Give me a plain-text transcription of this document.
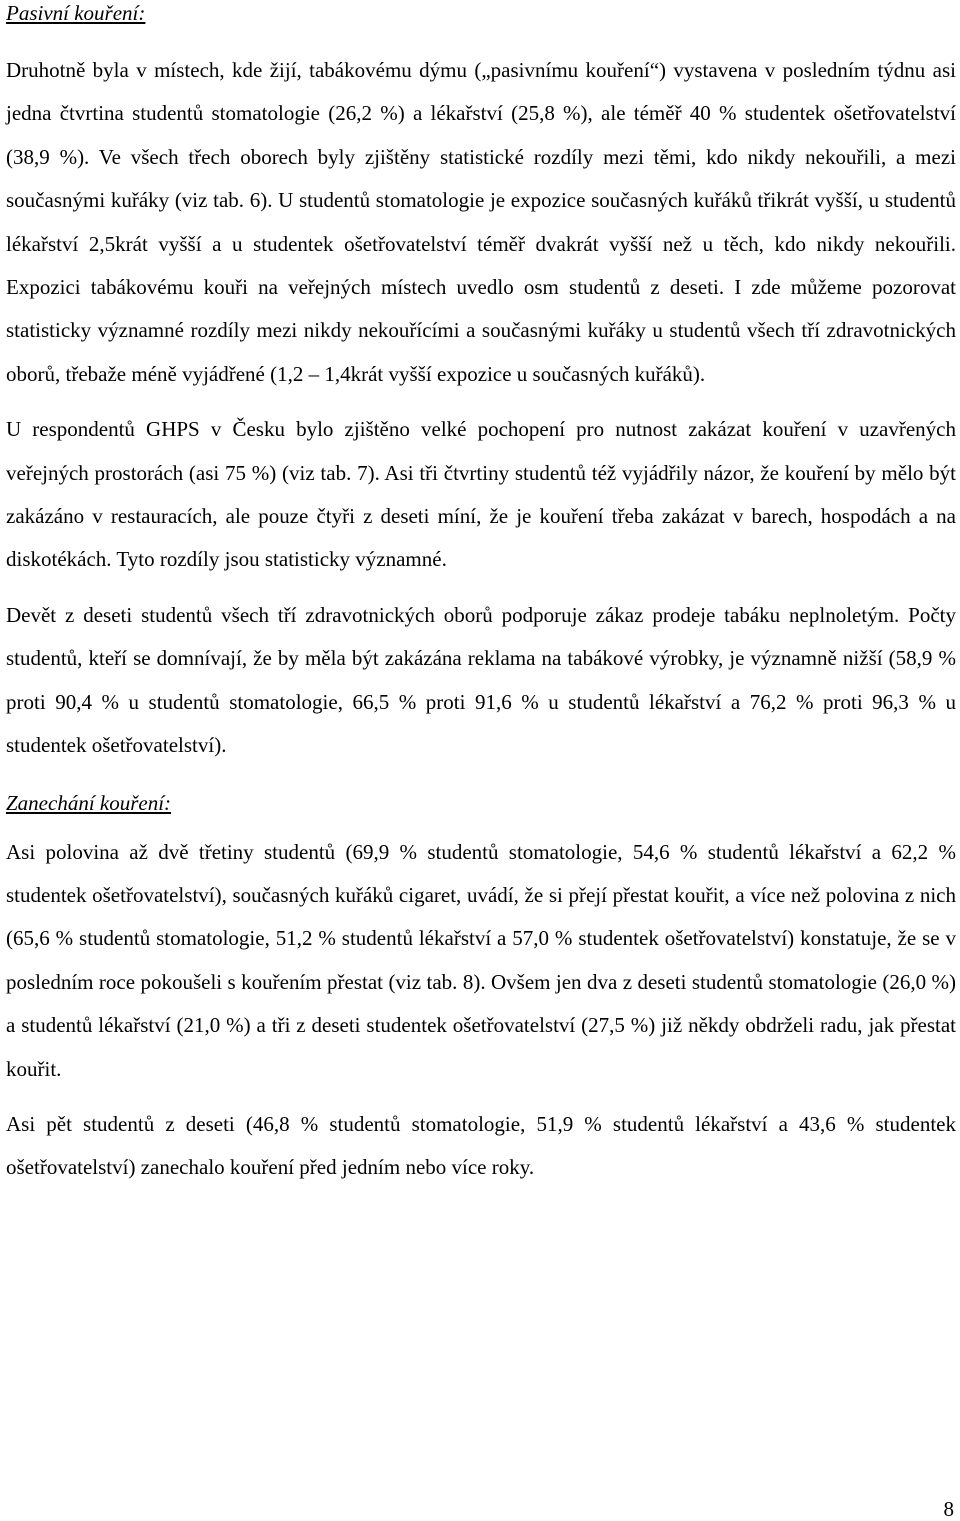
Pasivní kouření:

Druhotně byla v místech, kde žijí, tabákovému dýmu („pasivnímu kouření“) vystavena v posledním týdnu asi jedna čtvrtina studentů stomatologie (26,2 %) a lékařství (25,8 %), ale téměř 40 % studentek ošetřovatelství (38,9 %). Ve všech třech oborech byly zjištěny statistické rozdíly mezi těmi, kdo nikdy nekouřili, a mezi současnými kuřáky (viz tab. 6). U studentů stomatologie je expozice současných kuřáků třikrát vyšší, u studentů lékařství 2,5krát vyšší a u studentek ošetřovatelství téměř dvakrát vyšší než u těch, kdo nikdy nekouřili. Expozici tabákovému kouři na veřejných místech uvedlo osm studentů z deseti. I zde můžeme pozorovat statisticky významné rozdíly mezi nikdy nekouřícími a současnými kuřáky u studentů všech tří zdravotnických oborů, třebaže méně vyjádřené (1,2 – 1,4krát vyšší expozice u současných kuřáků).

U respondentů GHPS v Česku bylo zjištěno velké pochopení pro nutnost zakázat kouření v uzavřených veřejných prostorách (asi 75 %) (viz tab. 7). Asi tři čtvrtiny studentů též vyjádřily názor, že kouření by mělo být zakázáno v restauracích, ale pouze čtyři z deseti míní, že je kouření třeba zakázat v barech, hospodách a na diskotékách. Tyto rozdíly jsou statisticky významné.

Devět z deseti studentů všech tří zdravotnických oborů podporuje zákaz prodeje tabáku neplnoletým. Počty studentů, kteří se domnívají, že by měla být zakázána reklama na tabákové výrobky, je významně nižší (58,9 % proti 90,4 % u studentů stomatologie, 66,5 % proti 91,6 % u studentů lékařství a 76,2 % proti 96,3 % u studentek ošetřovatelství).

Zanechání kouření:

Asi polovina až dvě třetiny studentů (69,9 % studentů stomatologie, 54,6 % studentů lékařství a 62,2 % studentek ošetřovatelství), současných kuřáků cigaret, uvádí, že si přejí přestat kouřit, a více než polovina z nich (65,6 % studentů stomatologie, 51,2 % studentů lékařství a 57,0 % studentek ošetřovatelství) konstatuje, že se v posledním roce pokoušeli s kouřením přestat (viz tab. 8). Ovšem jen dva z deseti studentů stomatologie (26,0 %) a studentů lékařství (21,0 %) a tři z deseti studentek ošetřovatelství (27,5 %) již někdy obdrželi radu, jak přestat kouřit.

Asi pět studentů z deseti (46,8 % studentů stomatologie, 51,9 % studentů lékařství a 43,6 % studentek ošetřovatelství) zanechalo kouření před jedním nebo více roky.

8
